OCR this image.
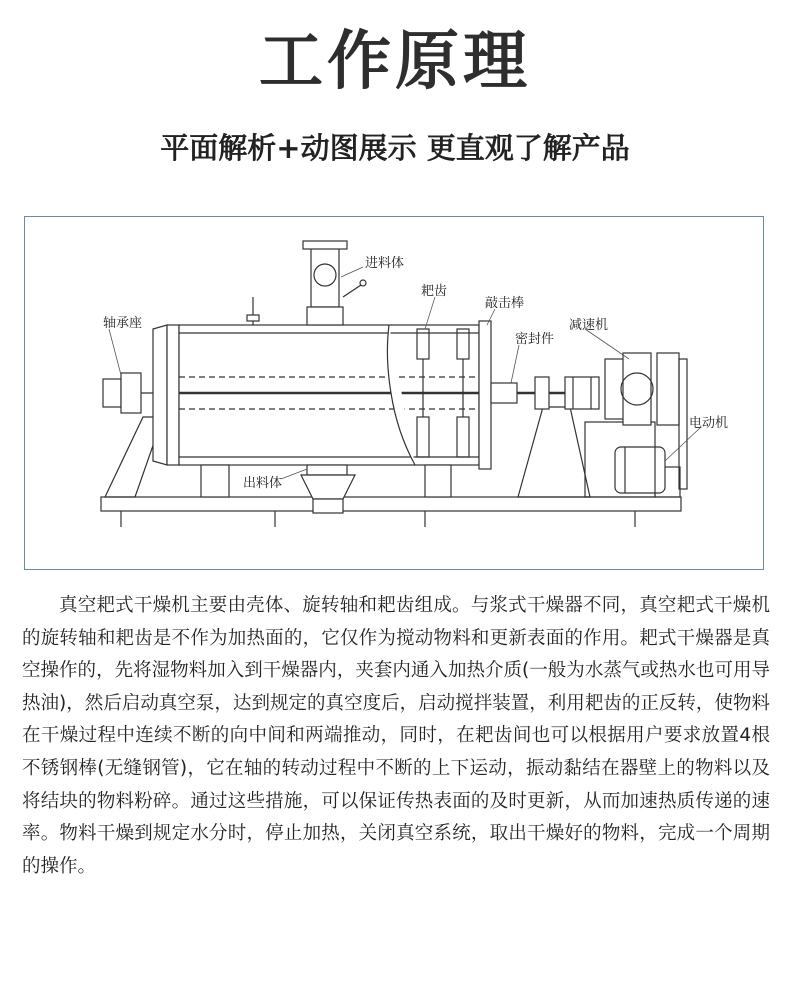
工作原理
平面解析+动图展示 更直观了解产品
进料体
耙齿
敲击棒
轴承座
密封件
减速机
电动机
出料体

真空耙式干燥机主要由壳体、旋转轴和耙齿组成。与浆式干燥器不同，真空耙式干燥机的旋转轴和耙齿是不作为加热面的，它仅作为搅动物料和更新表面的作用。耙式干燥器是真空操作的，先将湿物料加入到干燥器内，夹套内通入加热介质(一般为水蒸气或热水也可用导热油)，然后启动真空泵，达到规定的真空度后，启动搅拌装置，利用耙齿的正反转，使物料在干燥过程中连续不断的向中间和两端推动，同时，在耙齿间也可以根据用户要求放置4根不锈钢棒(无缝钢管)，它在轴的转动过程中不断的上下运动，振动黏结在器壁上的物料以及将结块的物料粉碎。通过这些措施，可以保证传热表面的及时更新，从而加速热质传递的速率。物料干燥到规定水分时，停止加热，关闭真空系统，取出干燥好的物料，完成一个周期的操作。
